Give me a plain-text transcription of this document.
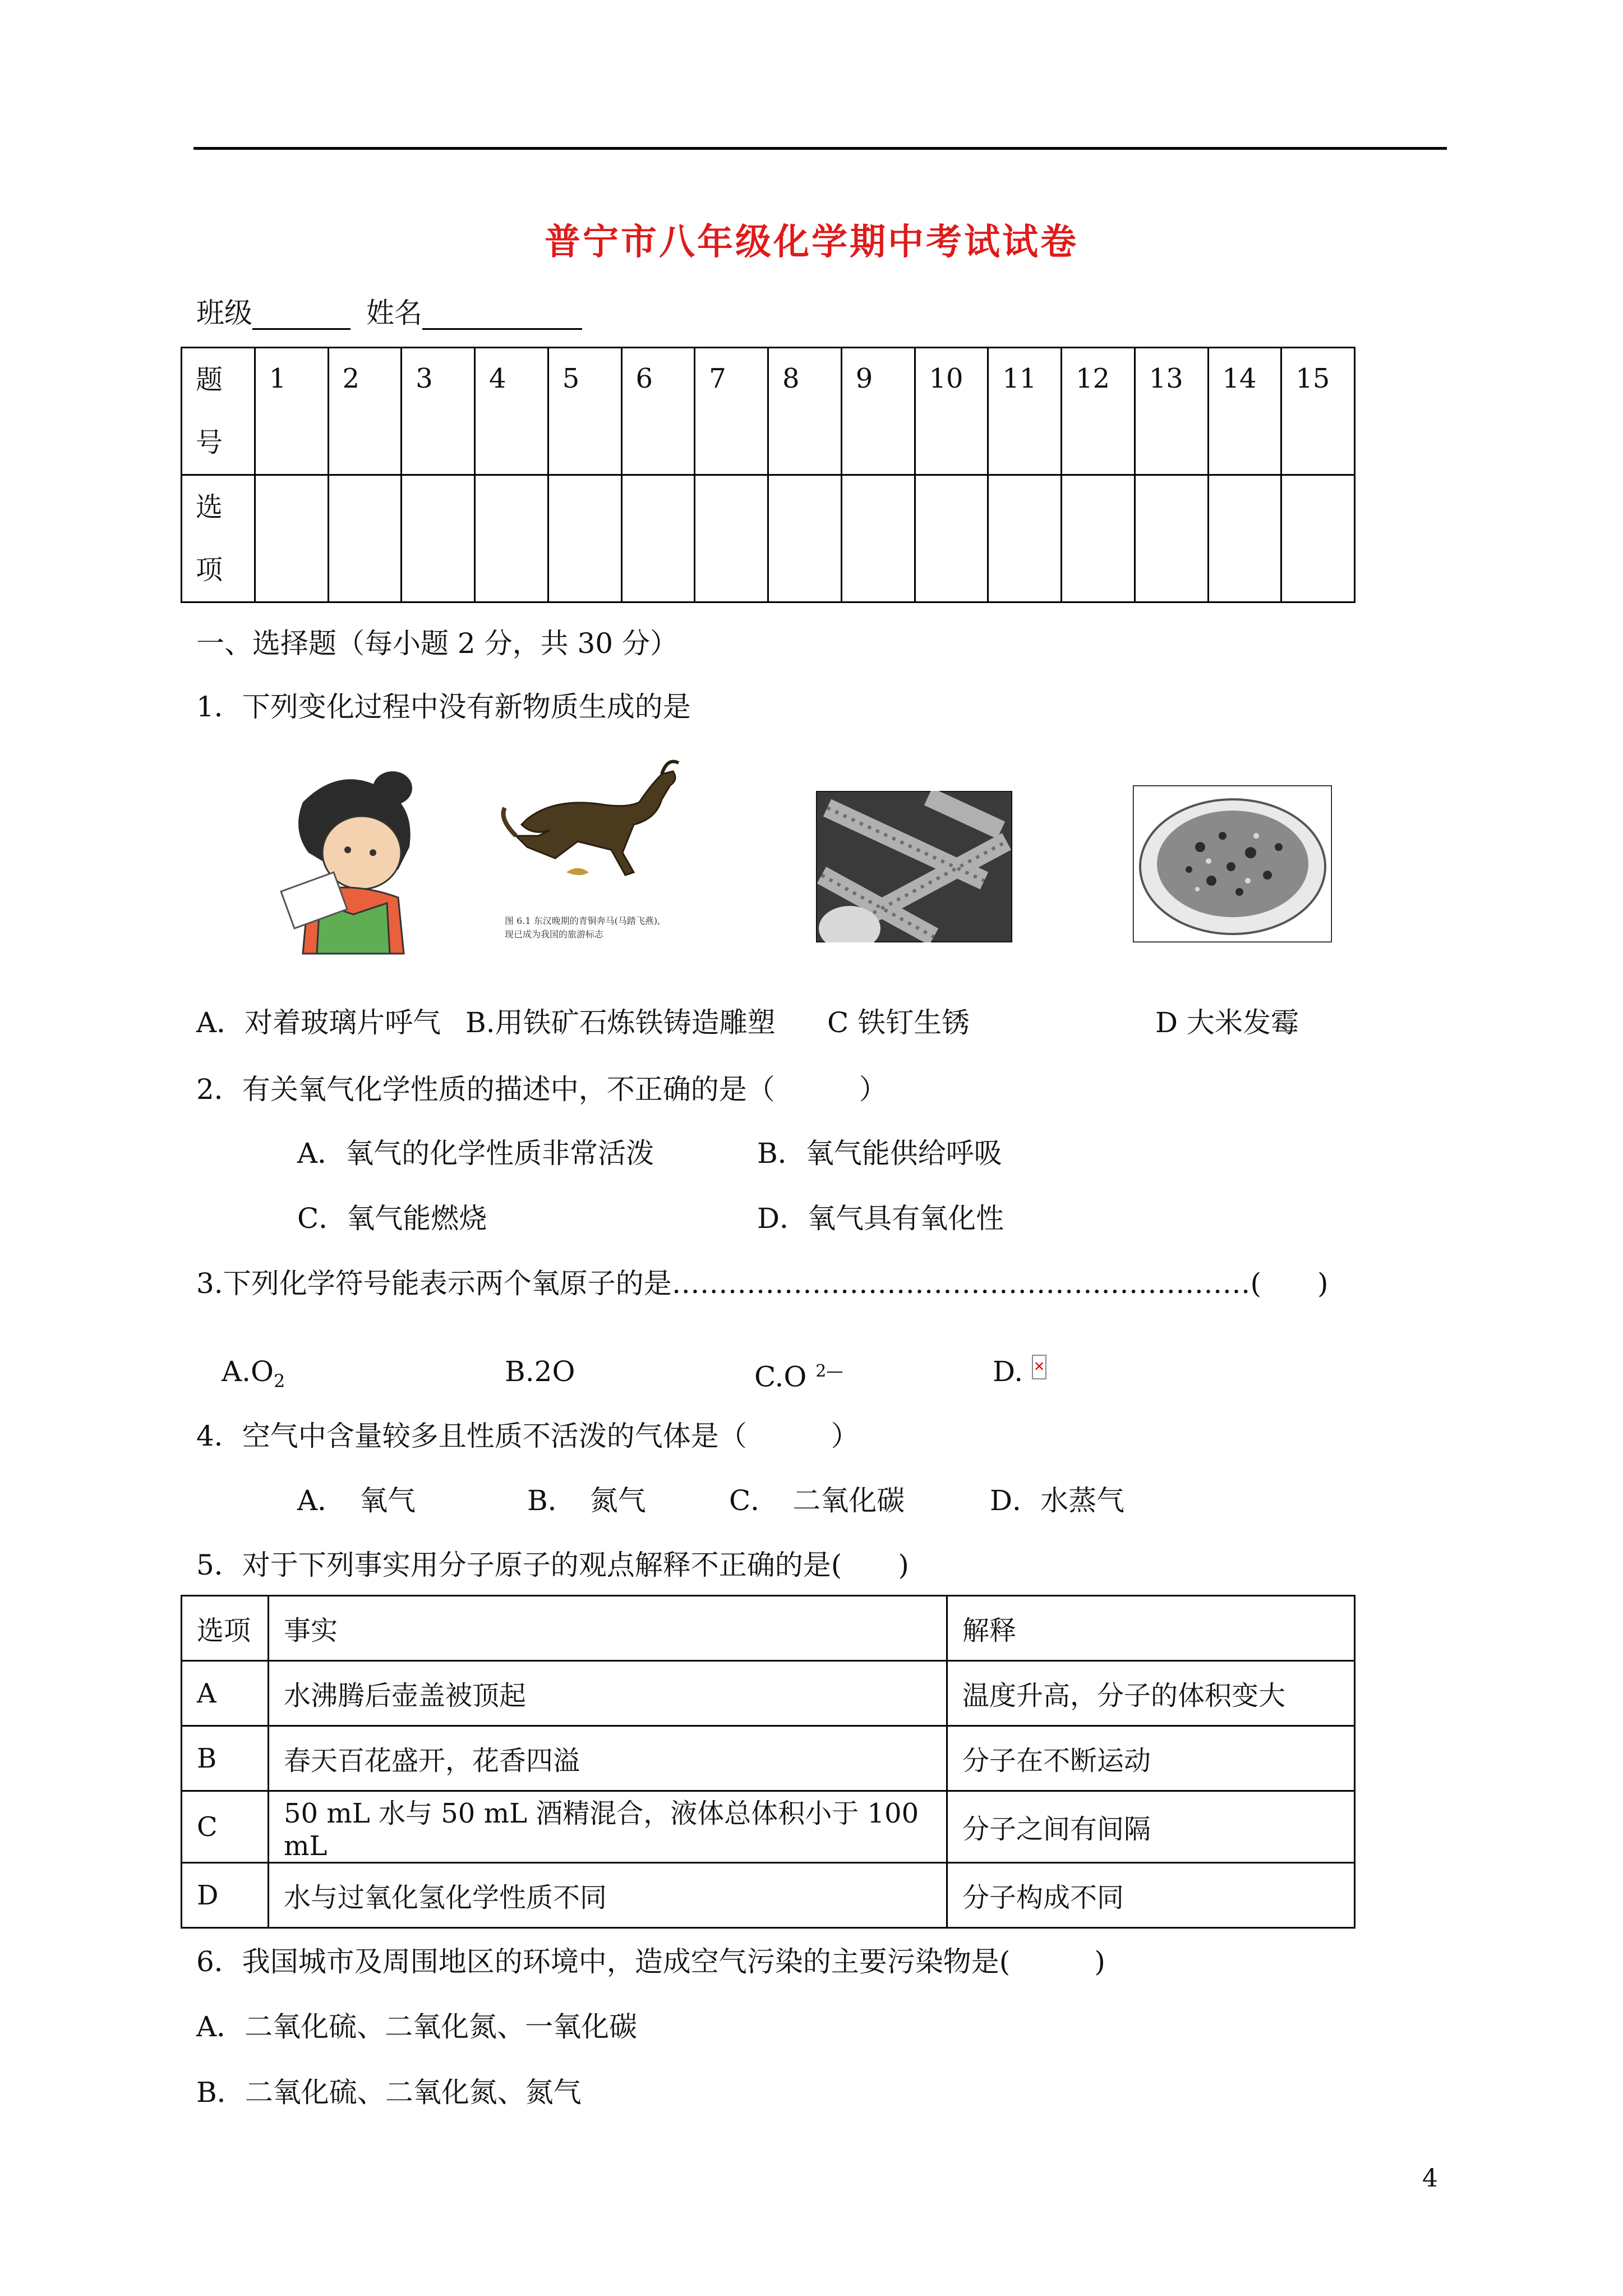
普宁市八年级化学期中考试试卷
班级	姓名
题
号	1	2	3	4	5	6	7	8	9	10	11	12	13	14	15
选
项															
一、选择题（每小题 2 分，共 30 分）
1．下列变化过程中没有新物质生成的是
图 6.1 东汉晚期的青铜奔马(马踏飞燕),
现已成为我国的旅游标志
A．对着玻璃片呼气 B.用铁矿石炼铁铸造雕塑 C 铁钉生锈	D 大米发霉
2．有关氧气化学性质的描述中，不正确的是（　　　）
A．氧气的化学性质非常活泼	B．氧气能供给呼吸
C．氧气能燃烧	D．氧气具有氧化性
3.下列化学符号能表示两个氧原子的是………………………………………..……………(　　)
$A.O_2$	B.2O	C.O $^{2—}$	D. ✕
4．空气中含量较多且性质不活泼的气体是（　　　）
A．　氧气	B．　氮气	C．　二氧化碳	D．水蒸气
5．对于下列事实用分子原子的观点解释不正确的是(　　)
选项	事实	解释
A	水沸腾后壶盖被顶起	温度升高，分子的体积变大
B	春天百花盛开，花香四溢	分子在不断运动
C	50 mL 水与 50 mL 酒精混合，液体总体积小于 100 mL	分子之间有间隔
D	水与过氧化氢化学性质不同	分子构成不同
6．我国城市及周围地区的环境中，造成空气污染的主要污染物是(　　　)
A．二氧化硫、二氧化氮、一氧化碳
B．二氧化硫、二氧化氮、氮气
4
